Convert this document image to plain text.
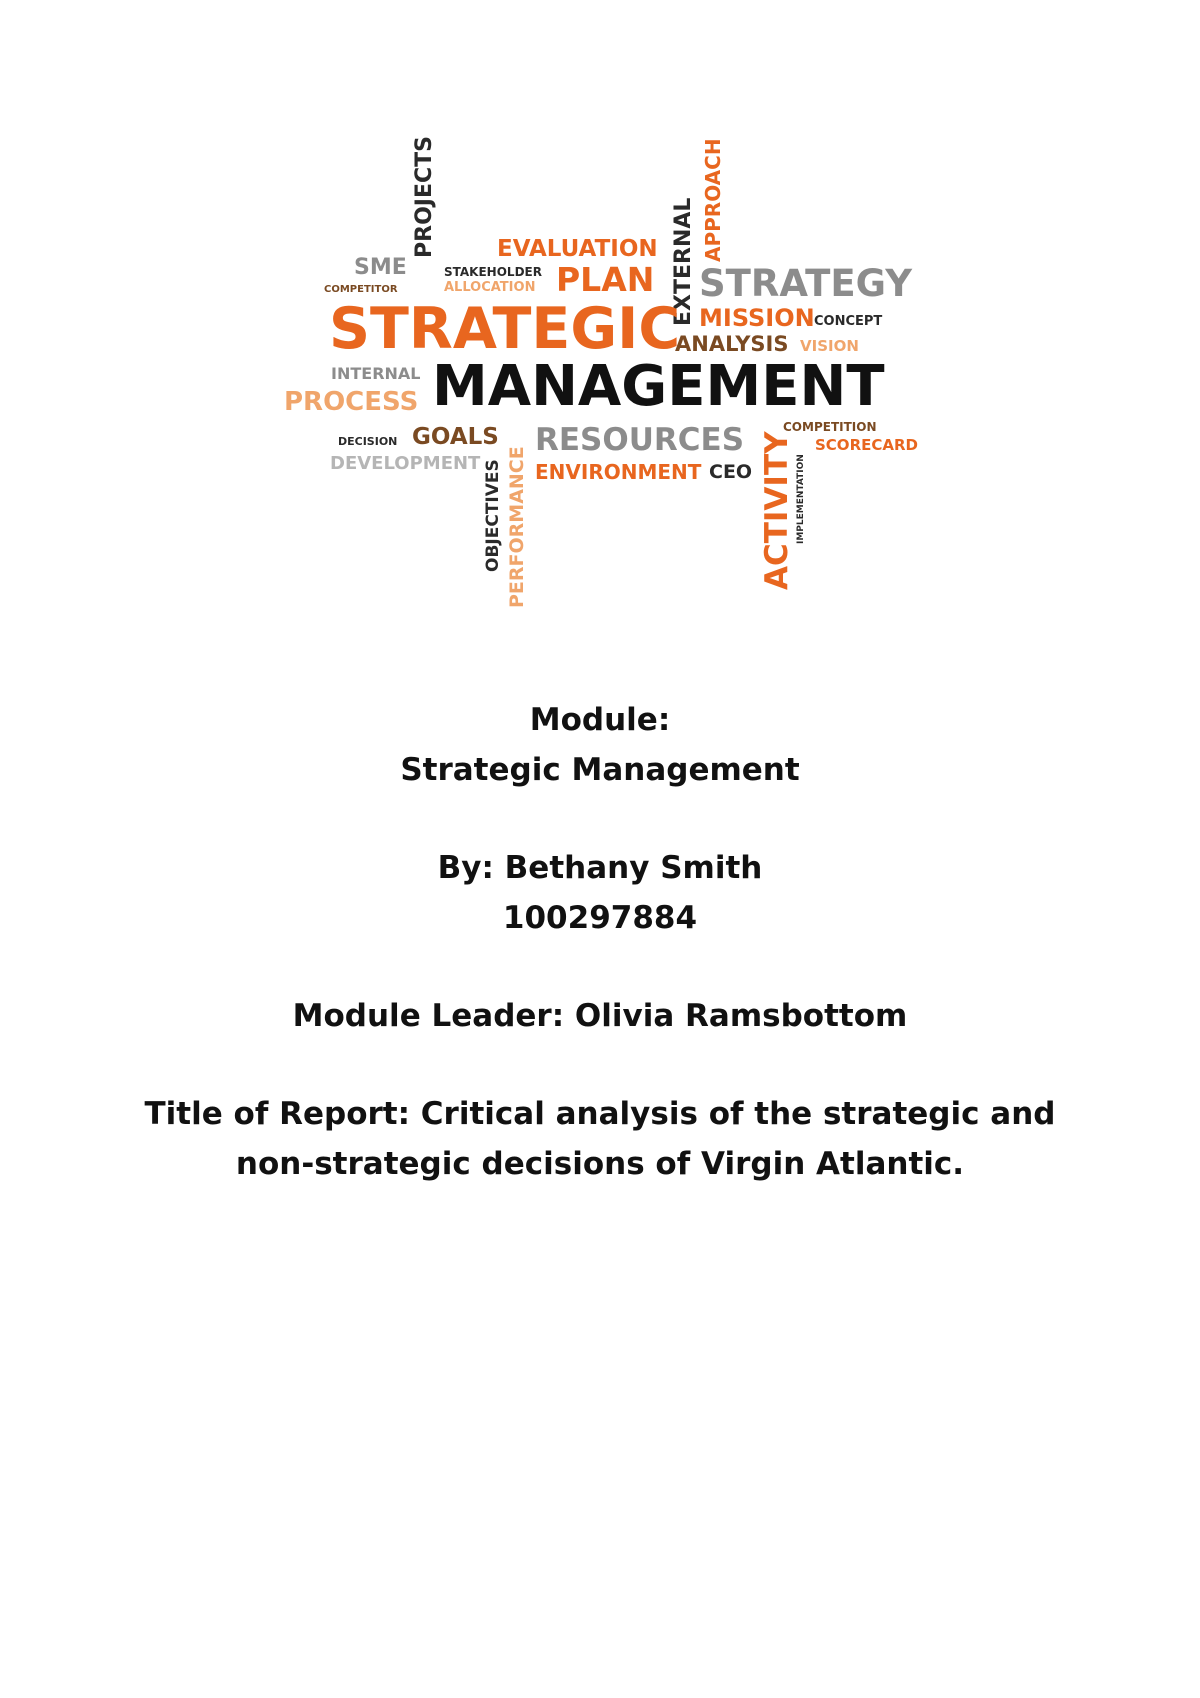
PROJECTS
EXTERNAL APPROACH
OBJECTIVES PERFORMANCE	ACTIVITY IMPLEMENTATION
EVALUATION
SME
COMPETITOR
STAKEHOLDER
ALLOCATION PLAN STRATEGY
STRATEGIC MISSION CONCEPT
ANALYSIS VISION
INTERNAL
PROCESS MANAGEMENT
DECISION GOALS
DEVELOPMENT
RESOURCES
ENVIRONMENT CEO
COMPETITION
SCORECARD
Module:
Strategic Management
By: Bethany Smith
100297884
Module Leader: Olivia Ramsbottom
Title of Report: Critical analysis of the strategic and
non-strategic decisions of Virgin Atlantic.
